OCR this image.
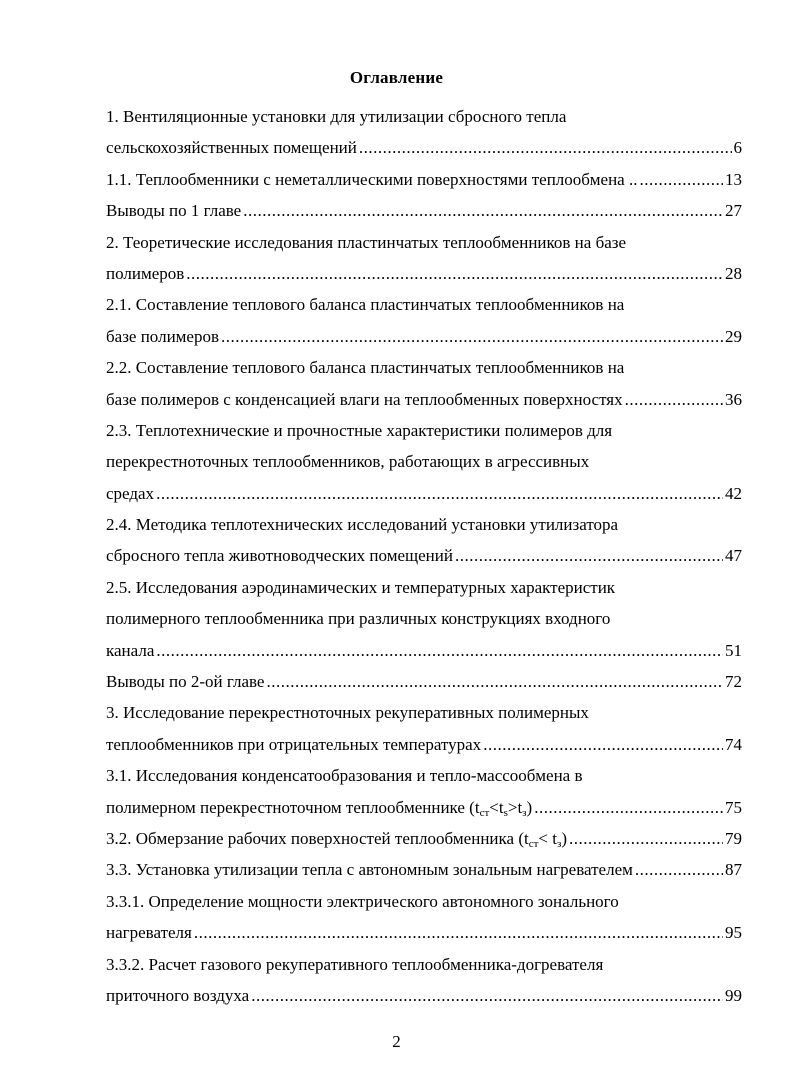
Оглавление
1. Вентиляционные установки для утилизации сбросного тепла
сельскохозяйственных помещений .....	6
1.1. Теплообменники с неметаллическими поверхностями теплообмена .. .....	13
Выводы по 1 главе .....	27
2. Теоретические исследования пластинчатых теплообменников на базе
полимеров .....	28
2.1. Составление теплового баланса пластинчатых теплообменников на
базе полимеров .....	29
2.2. Составление теплового баланса пластинчатых теплообменников на
базе полимеров с конденсацией влаги на теплообменных поверхностях .....	36
2.3. Теплотехнические и прочностные характеристики полимеров для
перекрестноточных теплообменников, работающих в агрессивных
средах .....	42
2.4. Методика теплотехнических исследований установки утилизатора
сбросного тепла животноводческих помещений .....	47
2.5. Исследования аэродинамических и температурных характеристик
полимерного теплообменника при различных конструкциях входного
канала .....	51
Выводы по 2-ой главе .....	72
3. Исследование перекрестноточных рекуперативных полимерных
теплообменников при отрицательных температурах .....	74
3.1. Исследования конденсатообразования и тепло-массообмена в
полимерном перекрестноточном теплообменнике $(t_{ст}<t_s>t_з)$ .....	75
3.2. Обмерзание рабочих поверхностей теплообменника $(t_{ст}< t_з)$ .....	79
3.3. Установка утилизации тепла с автономным зональным нагревателем .....	87
3.3.1. Определение мощности электрического автономного зонального
нагревателя .....	95
3.3.2. Расчет газового рекуперативного теплообменника-догревателя
приточного воздуха .....	99
2
